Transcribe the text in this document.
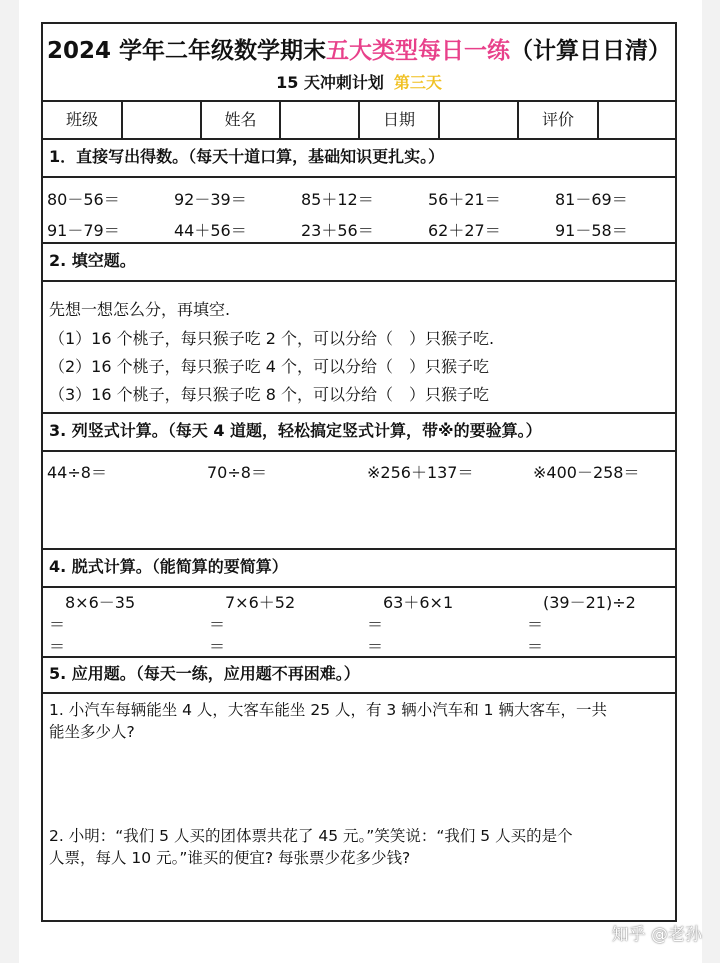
2024 学年二年级数学期末五大类型每日一练（计算日日清）
15 天冲刺计划 第三天
班级	姓名	日期	评价
1．直接写出得数。（每天十道口算，基础知识更扎实。）
80－56＝	92－39＝	85＋12＝	56＋21＝	81－69＝
91－79＝	44＋56＝	23＋56＝	62＋27＝	91－58＝
2. 填空题。
先想一想怎么分，再填空.
（1）16 个桃子，每只猴子吃 2 个，可以分给（　）只猴子吃.
（2）16 个桃子，每只猴子吃 4 个，可以分给（　）只猴子吃
（3）16 个桃子，每只猴子吃 8 个，可以分给（　）只猴子吃
3. 列竖式计算。（每天 4 道题，轻松搞定竖式计算，带※的要验算。）
44÷8＝	70÷8＝	※256＋137＝	※400－258＝
4. 脱式计算。（能简算的要简算）
8×6－35	7×6＋52	63＋6×1	(39－21)÷2
＝	＝	＝	＝
＝	＝	＝	＝
5. 应用题。（每天一练，应用题不再困难。）
1. 小汽车每辆能坐 4 人，大客车能坐 25 人，有 3 辆小汽车和 1 辆大客车，一共
能坐多少人?
2. 小明：“我们 5 人买的团体票共花了 45 元。”笑笑说：“我们 5 人买的是个
人票，每人 10 元。”谁买的便宜? 每张票少花多少钱?
知乎 @老孙
